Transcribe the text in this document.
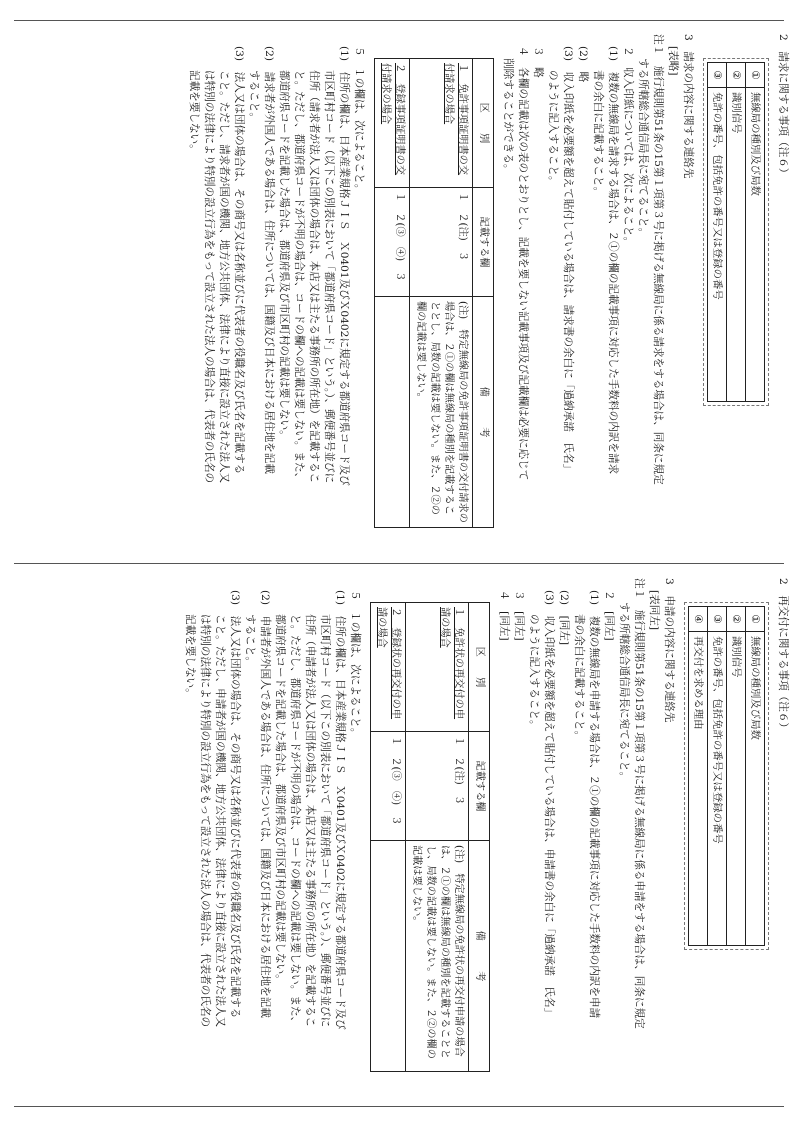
2　請求に関する事項（注６）
①	無線局の種別及び局数
②	識別信号
③	免許の番号、包括免許の番号又は登録の番号
3　請求の内容に関する連絡先
[表略]
注１　施行規則第51条の15第１項第３号に掲げる無線局に係る請求をする場合は、同条に規定
する所轄総合通信局長に宛てること。
２　収入印紙については、次によること。
(1)　複数の無線局を請求する場合は、２①の欄の記載事項に対応した手数料の内訳を請求
書の余白に記載すること。
(2)　略
(3)　収入印紙を必要額を超えて貼付している場合は、請求書の余白に「過納承諾　氏名」
のように記入すること。
３　略
４　各欄の記載は次の表のとおりとし、記載を要しない記載事項及び記載欄は必要に応じて
削除することができる。
区　　別	記載する欄	備　　　考
１　免許事項証明書の交付請求の場合	１　２(注)　３	(注)　特定無線局の免許事項証明書の交付請求の場合は、２①の欄は無線局の種別を記載することとし、局数の記載は要しない。また、２②の欄の記載は要しない。
２　登録事項証明書の交付請求の場合	１　２(③　④)　３	
５　１の欄は、次によること。
(1)　住所の欄は、日本産業規格ＪＩＳ　Ｘ0401及びＸ0402に規定する都道府県コード及び
市区町村コード（以下この別表において「都道府県コード」という。）、郵便番号並びに
住所（請求者が法人又は団体の場合は、本店又は主たる事務所の所在地）を記載するこ
と。ただし、都道府県コードが不明の場合は、コードの欄への記載は要しない。また、
都道府県コードを記載した場合は、都道府県及び市区町村の記載は要しない。
(2)　請求者が外国人である場合は、住所については、国籍及び日本における居住地を記載
すること。
(3)　法人又は団体の場合は、その商号又は名称並びに代表者の役職名及び氏名を記載する
こと。ただし、請求者が国の機関、地方公共団体、法律により直接に設立された法人又
は特別の法律により特別の設立行為をもって設立された法人の場合は、代表者の氏名の
記載を要しない。
2　再交付に関する事項（注６）
①	無線局の種別及び局数
②	識別信号
③	免許の番号、包括免許の番号又は登録の番号
④	再交付を求める理由
3　申請の内容に関する連絡先
[表同左]
注１　施行規則第51条の15第１項第３号に掲げる無線局に係る申請をする場合は、同条に規定
する所轄総合通信局長に宛てること。
２　[同左]
(1)　複数の無線局を申請する場合は、２①の欄の記載事項に対応した手数料の内訳を申請
書の余白に記載すること。
(2)　[同左]
(3)　収入印紙を必要額を超えて貼付している場合は、申請書の余白に「過納承諾　氏名」
のように記入すること。
３　[同左]
４　[同左]
区　　別	記載する欄	備　　　考
１　免許状の再交付の申請の場合	１　２(注)　３	(注)　特定無線局の免許状の再交付申請の場合は、２①の欄は無線局の種別を記載することとし、局数の記載は要しない。また、２②の欄の記載は要しない。
２　登録状の再交付の申請の場合	１　２(③　④)　３	
５　１の欄は、次によること。
(1)　住所の欄は、日本産業規格ＪＩＳ　Ｘ0401及びＸ0402に規定する都道府県コード及び
市区町村コード（以下この別表において「都道府県コード」という。）、郵便番号並びに
住所（申請者が法人又は団体の場合は、本店又は主たる事務所の所在地）を記載するこ
と。ただし、都道府県コードが不明の場合は、コードの欄への記載は要しない。また、
都道府県コードを記載した場合は、都道府県及び市区町村の記載は要しない。
(2)　申請者が外国人である場合は、住所については、国籍及び日本における居住地を記載
すること。
(3)　法人又は団体の場合は、その商号又は名称並びに代表者の役職名及び氏名を記載する
こと。ただし、申請者が国の機関、地方公共団体、法律により直接に設立された法人又
は特別の法律により特別の設立行為をもって設立された法人の場合は、代表者の氏名の
記載を要しない。
